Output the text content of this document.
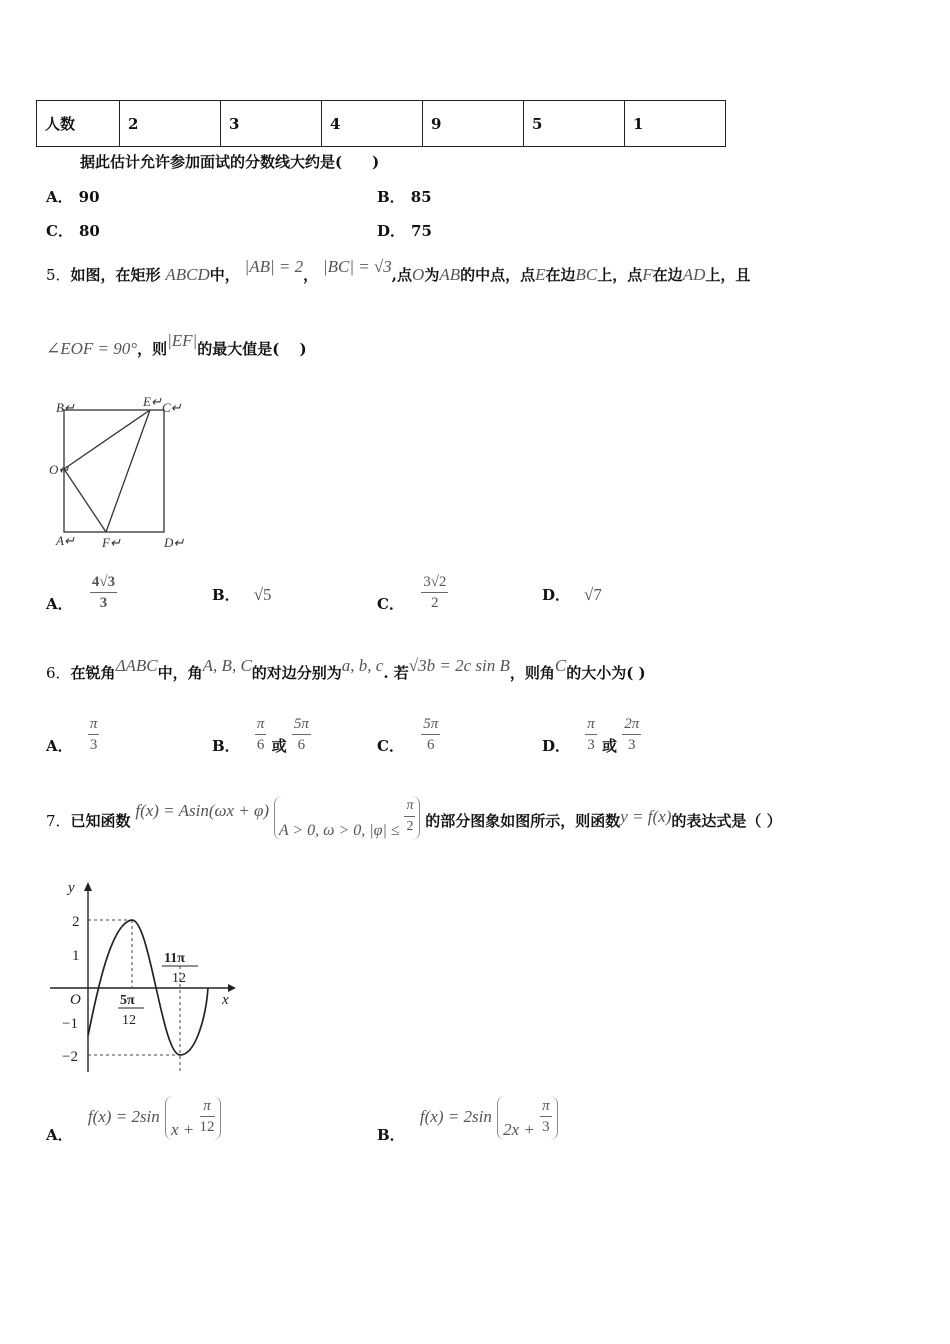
人数	2	3	4	9	5	1
据此估计允许参加面试的分数线大约是(　　)
A． 90	B． 85
C． 80	D． 75
5．如图，在矩形 ABCD中， |AB| = 2， |BC| = √3,点O为AB的中点，点E在边BC上，点F在边AD上，且
∠EOF = 90°，则|EF|的最大值是(　 )
B↵	E↵ C↵
O↵
A↵ F↵	D↵
A． $\frac{4√3}{3}$	B． √5	C． $\frac{3√2}{2}$	D． √7
6．在锐角ΔABC中，角A, B, C的对边分别为a, b, c. 若√3b = 2c sin B，则角C的大小为( )
A． $\frac{\pi}{3}$	B． $\frac{\pi}{6}$ 或 $\frac{5\pi}{6}$	C． $\frac{5\pi}{6}$	D． $\frac{\pi}{3}$ 或 $\frac{2\pi}{3}$
7．已知函数 f(x) = Asin(ωx + φ) A > 0, ω > 0, $|\varphi| \le \frac{\pi}{2}$ 的部分图象如图所示，则函数y = f(x)的表达式是（ ）
y
x
O
2
1
−1
−2
5π
12
11π
12
A． f(x) = 2sin $x + \frac{\pi}{12}$	B． f(x) = 2sin $2x + \frac{\pi}{3}$
